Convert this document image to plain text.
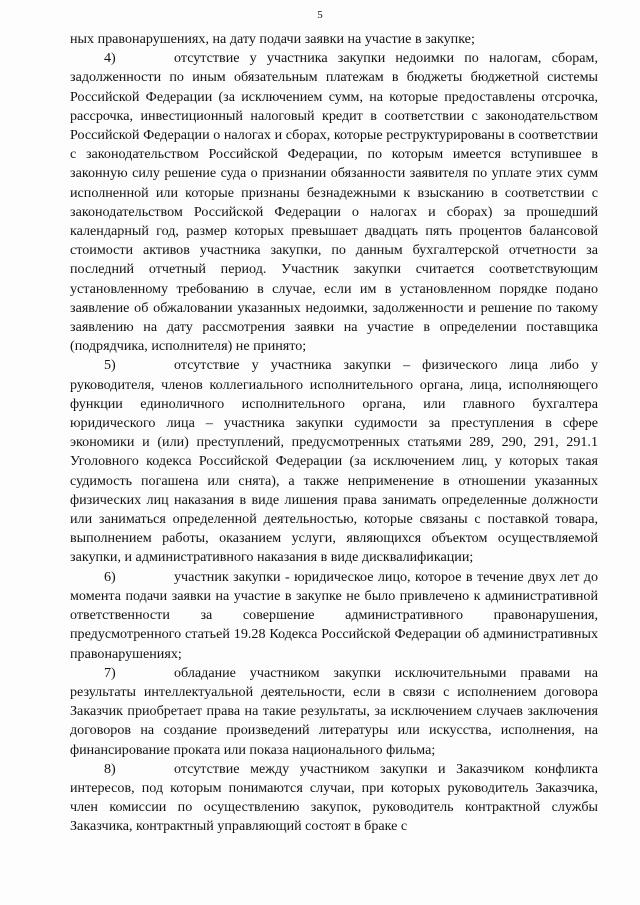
5

ных правонарушениях, на дату подачи заявки на участие в закупке;

4)	отсутствие у участника закупки недоимки по налогам, сборам, задолженности по иным обязательным платежам в бюджеты бюджетной системы Российской Федерации (за исключением сумм, на которые предоставлены отсрочка, рассрочка, инвестиционный налоговый кредит в соответствии с законодательством Российской Федерации о налогах и сборах, которые реструктурированы в соответствии с законодательством Российской Федерации, по которым имеется вступившее в законную силу решение суда о признании обязанности заявителя по уплате этих сумм исполненной или которые признаны безнадежными к взысканию в соответствии с законодательством Российской Федерации о налогах и сборах) за прошедший календарный год, размер которых превышает двадцать пять процентов балансовой стоимости активов участника закупки, по данным бухгалтерской отчетности за последний отчетный период. Участник закупки считается соответствующим установленному требованию в случае, если им в установленном порядке подано заявление об обжаловании указанных недоимки, задолженности и решение по такому заявлению на дату рассмотрения заявки на участие в определении поставщика (подрядчика, исполнителя) не принято;

5)	отсутствие у участника закупки – физического лица либо у руководителя, членов коллегиального исполнительного органа, лица, исполняющего функции единоличного исполнительного органа, или главного бухгалтера юридического лица – участника закупки судимости за преступления в сфере экономики и (или) преступлений, предусмотренных статьями 289, 290, 291, 291.1 Уголовного кодекса Российской Федерации (за исключением лиц, у которых такая судимость погашена или снята), а также неприменение в отношении указанных физических лиц наказания в виде лишения права занимать определенные должности или заниматься определенной деятельностью, которые связаны с поставкой товара, выполнением работы, оказанием услуги, являющихся объектом осуществляемой закупки, и административного наказания в виде дисквалификации;

6)	участник закупки - юридическое лицо, которое в течение двух лет до момента подачи заявки на участие в закупке не было привлечено к административной ответственности за совершение административного правонарушения, предусмотренного статьей 19.28 Кодекса Российской Федерации об административных правонарушениях;

7)	обладание участником закупки исключительными правами на результаты интеллектуальной деятельности, если в связи с исполнением договора Заказчик приобретает права на такие результаты, за исключением случаев заключения договоров на создание произведений литературы или искусства, исполнения, на финансирование проката или показа национального фильма;

8)	отсутствие между участником закупки и Заказчиком конфликта интересов, под которым понимаются случаи, при которых руководитель Заказчика, член комиссии по осуществлению закупок, руководитель контрактной службы Заказчика, контрактный управляющий состоят в браке с
